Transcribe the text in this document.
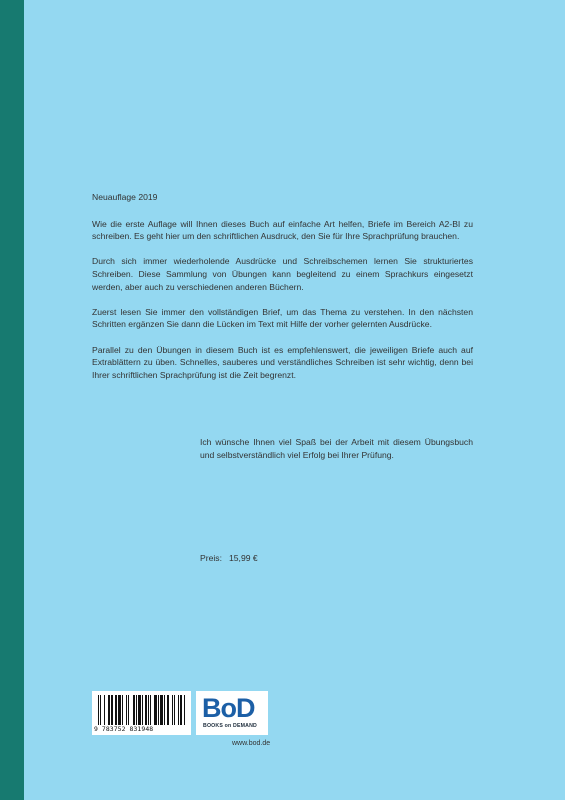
Neuauflage 2019

Wie die erste Auflage will Ihnen dieses Buch auf einfache Art helfen, Briefe im Bereich A2-BI zu schreiben. Es geht hier um den schriftlichen Ausdruck, den Sie für Ihre Sprachprüfung brauchen.

Durch sich immer wiederholende Ausdrücke und Schreibschemen lernen Sie strukturiertes Schreiben. Diese Sammlung von Übungen kann begleitend zu einem Sprachkurs eingesetzt werden, aber auch zu verschiedenen anderen Büchern.

Zuerst lesen Sie immer den vollständigen Brief, um das Thema zu verstehen. In den nächsten Schritten ergänzen Sie dann die Lücken im Text mit Hilfe der vorher gelernten Ausdrücke.

Parallel zu den Übungen in diesem Buch ist es empfehlenswert, die jeweiligen Briefe auch auf Extrablättern zu üben. Schnelles, sauberes und verständliches Schreiben ist sehr wichtig, denn bei Ihrer schriftlichen Sprachprüfung ist die Zeit begrenzt.

Ich wünsche Ihnen viel Spaß bei der Arbeit mit diesem Übungsbuch und selbstverständlich viel Erfolg bei Ihrer Prüfung.

Preis: 15,99 €
9 783752 831948
BoD
BOOKS on DEMAND
www.bod.de
